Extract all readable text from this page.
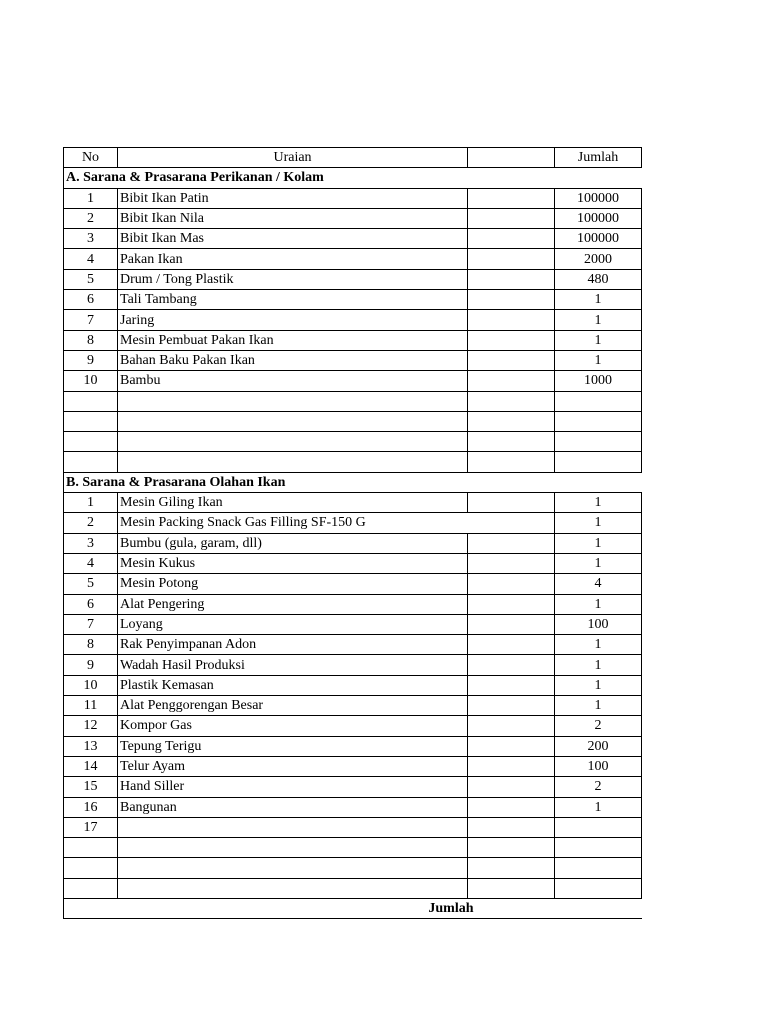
No	Uraian		Jumlah
A. Sarana & Prasarana Perikanan / Kolam			
1	Bibit Ikan Patin		100000
2	Bibit Ikan Nila		100000
3	Bibit Ikan Mas		100000
4	Pakan Ikan		2000
5	Drum / Tong Plastik		480
6	Tali Tambang		1
7	Jaring		1
8	Mesin Pembuat Pakan Ikan		1
9	Bahan Baku Pakan Ikan		1
10	Bambu		1000

B. Sarana & Prasarana Olahan Ikan			
1	Mesin Giling Ikan		1
2	Mesin Packing Snack Gas Filling SF-150 G		1
3	Bumbu (gula, garam, dll)		1
4	Mesin Kukus		1
5	Mesin Potong		4
6	Alat Pengering		1
7	Loyang		100
8	Rak Penyimpanan Adon		1
9	Wadah Hasil Produksi		1
10	Plastik Kemasan		1
11	Alat Penggorengan Besar		1
12	Kompor Gas		2
13	Tepung Terigu		200
14	Telur Ayam		100
15	Hand Siller		2
16	Bangunan		1
17			

Jumlah			
